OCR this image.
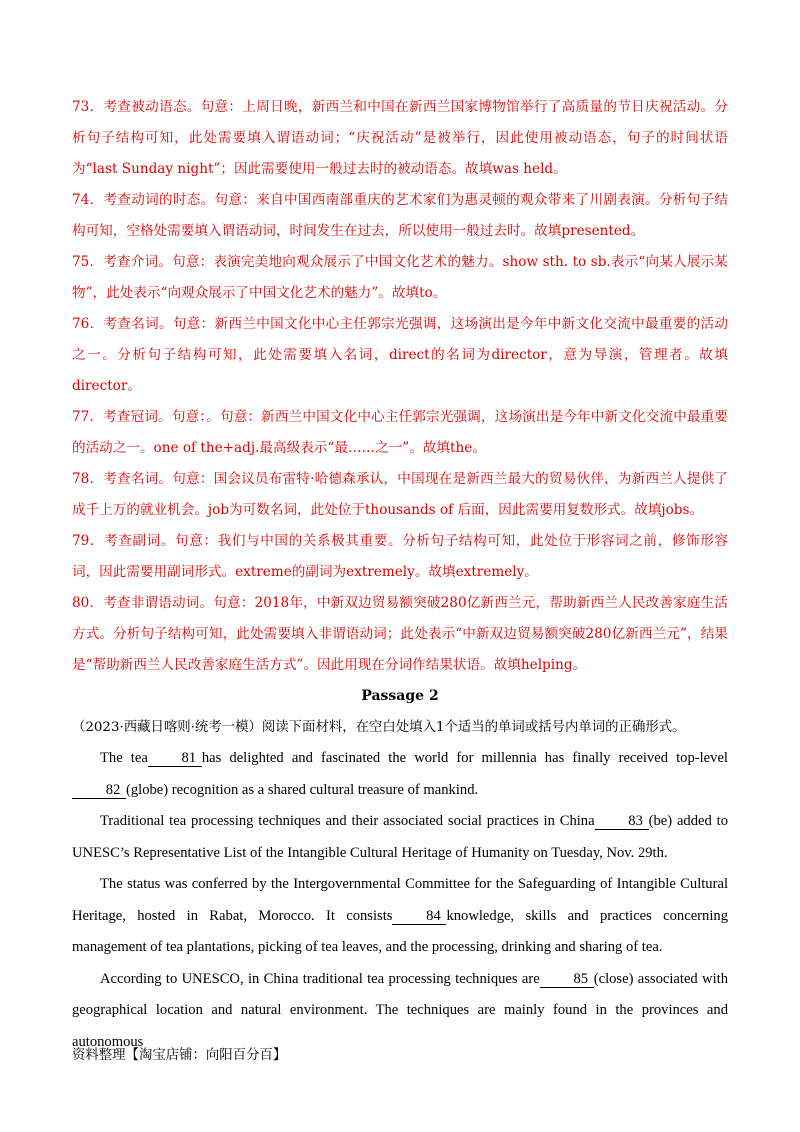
73．考查被动语态。句意：上周日晚，新西兰和中国在新西兰国家博物馆举行了高质量的节日庆祝活动。分析句子结构可知，此处需要填入谓语动词；“庆祝活动”是被举行，因此使用被动语态，句子的时间状语为“last Sunday night”；因此需要使用一般过去时的被动语态。故填was held。

74．考查动词的时态。句意：来自中国西南部重庆的艺术家们为惠灵顿的观众带来了川剧表演。分析句子结构可知，空格处需要填入谓语动词，时间发生在过去，所以使用一般过去时。故填presented。

75．考查介词。句意：表演完美地向观众展示了中国文化艺术的魅力。show sth. to sb.表示“向某人展示某物”，此处表示“向观众展示了中国文化艺术的魅力”。故填to。

76．考查名词。句意：新西兰中国文化中心主任郭宗光强调，这场演出是今年中新文化交流中最重要的活动之一。分析句子结构可知，此处需要填入名词，direct的名词为director，意为导演，管理者。故填director。

77．考查冠词。句意：。句意：新西兰中国文化中心主任郭宗光强调，这场演出是今年中新文化交流中最重要的活动之一。one of the+adj.最高级表示“最……之一”。故填the。

78．考查名词。句意：国会议员布雷特·哈德森承认，中国现在是新西兰最大的贸易伙伴，为新西兰人提供了成千上万的就业机会。job为可数名词，此处位于thousands of 后面，因此需要用复数形式。故填jobs。

79．考查副词。句意：我们与中国的关系极其重要。分析句子结构可知，此处位于形容词之前，修饰形容词，因此需要用副词形式。extreme的副词为extremely。故填extremely。

80．考查非谓语动词。句意：2018年，中新双边贸易额突破280亿新西兰元，帮助新西兰人民改善家庭生活方式。分析句子结构可知，此处需要填入非谓语动词；此处表示“中新双边贸易额突破280亿新西兰元”，结果是“帮助新西兰人民改善家庭生活方式”。因此用现在分词作结果状语。故填helping。

Passage 2

（2023·西藏日喀则·统考一模）阅读下面材料，在空白处填入1个适当的单词或括号内单词的正确形式。

The tea 81 has delighted and fascinated the world for millennia has finally received top-level82 (globe) recognition as a shared cultural treasure of mankind.

Traditional tea processing techniques and their associated social practices in China 83 (be) added to UNESC’s Representative List of the Intangible Cultural Heritage of Humanity on Tuesday, Nov. 29th.

The status was conferred by the Intergovernmental Committee for the Safeguarding of Intangible Cultural Heritage, hosted in Rabat, Morocco. It consists 84 knowledge, skills and practices concerning management of tea plantations, picking of tea leaves, and the processing, drinking and sharing of tea.

According to UNESCO, in China traditional tea processing techniques are 85 (close) associated with geographical location and natural environment. The techniques are mainly found in the provinces and autonomous

资料整理【淘宝店铺：向阳百分百】
